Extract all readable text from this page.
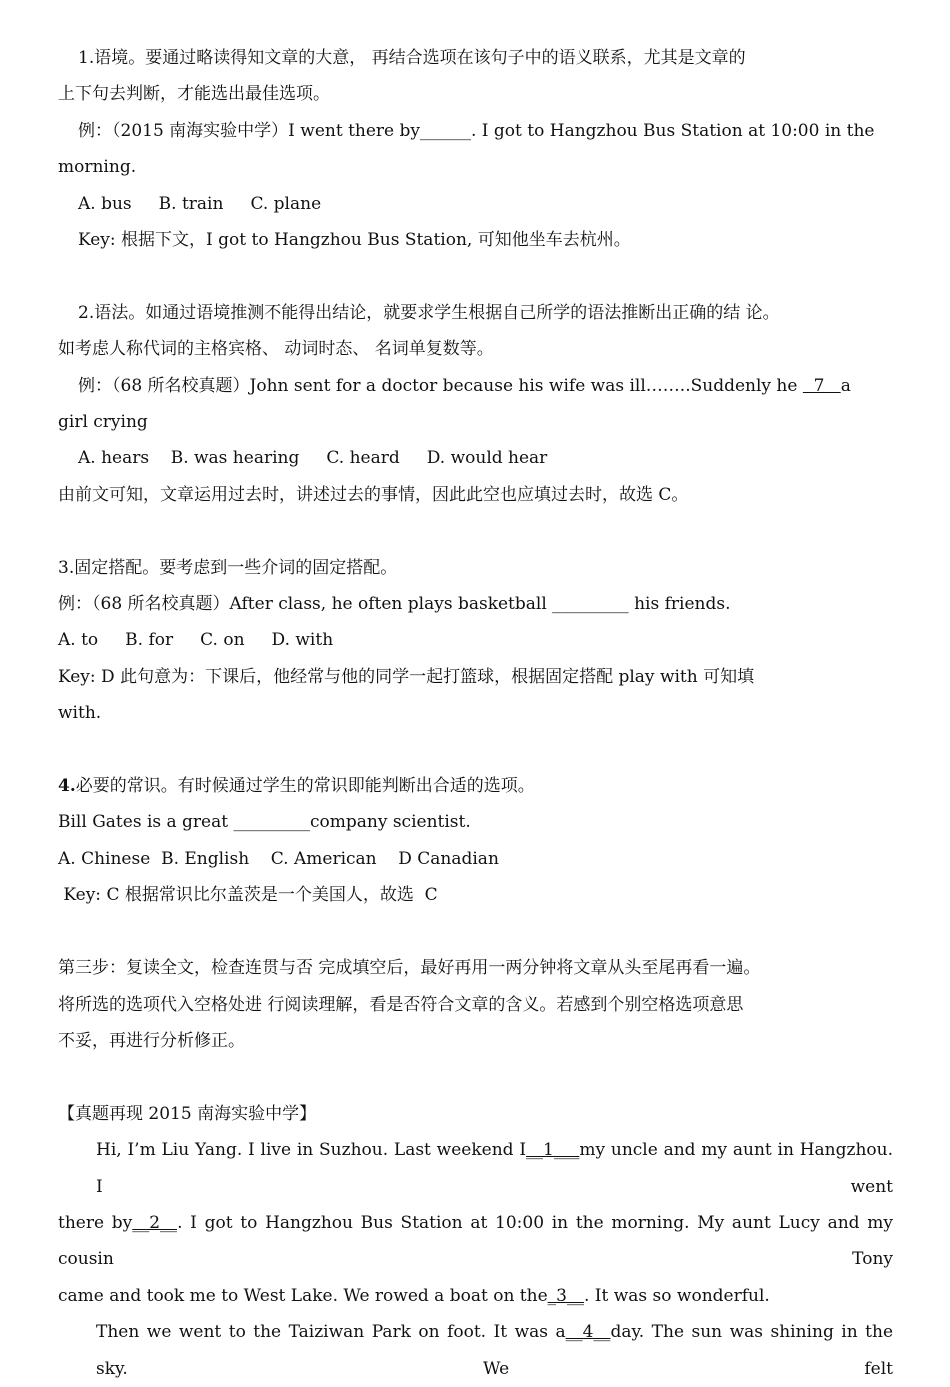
1.语境。要通过略读得知文章的大意， 再结合选项在该句子中的语义联系，尤其是文章的
上下句去判断，才能选出最佳选项。
例：（2015 南海实验中学）I went there by______. I got to Hangzhou Bus Station at 10:00 in the
morning.
A. bus     B. train     C. plane
Key: 根据下文，I got to Hangzhou Bus Station, 可知他坐车去杭州。
2.语法。如通过语境推测不能得出结论，就要求学生根据自己所学的语法推断出正确的结 论。
如考虑人称代词的主格宾格、 动词时态、 名词单复数等。
例：（68 所名校真题）John sent for a doctor because his wife was ill……..Suddenly he   7   a
girl crying
A. hears    B. was hearing     C. heard     D. would hear
由前文可知，文章运用过去时，讲述过去的事情，因此此空也应填过去时，故选 C。
3.固定搭配。要考虑到一些介词的固定搭配。
例：（68 所名校真题）After class, he often plays basketball _________ his friends.
A. to     B. for     C. on     D. with
Key: D 此句意为：下课后，他经常与他的同学一起打篮球，根据固定搭配 play with 可知填
with.
4.必要的常识。有时候通过学生的常识即能判断出合适的选项。
Bill Gates is a great _________company scientist.
A. Chinese  B. English    C. American    D Canadian
Key: C 根据常识比尔盖茨是一个美国人，故选  C
第三步：复读全文，检查连贯与否 完成填空后，最好再用一两分钟将文章从头至尾再看一遍。
将所选的选项代入空格处进 行阅读理解，看是否符合文章的含义。若感到个别空格选项意思
不妥，再进行分析修正。
【真题再现 2015 南海实验中学】
Hi, I’m Liu Yang. I live in Suzhou. Last weekend I__1___my uncle and my aunt in Hangzhou. I went
there by__2__. I got to Hangzhou Bus Station at 10:00 in the morning. My aunt Lucy and my cousin Tony
came and took me to West Lake. We rowed a boat on the_3__. It was so wonderful.
Then we went to the Taiziwan Park on foot. It was a__4__day. The sun was shining in the sky. We felt
